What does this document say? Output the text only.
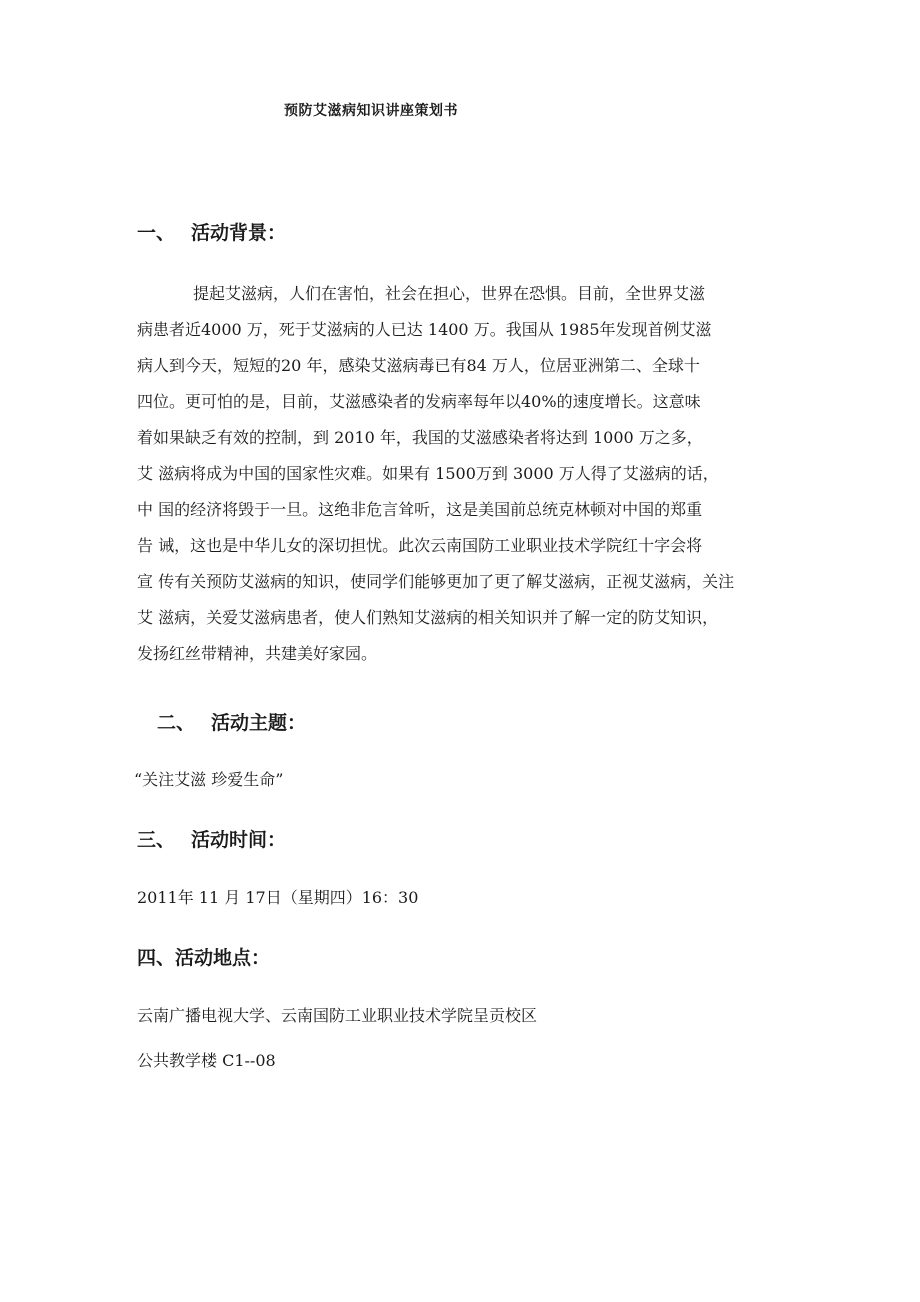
预防艾滋病知识讲座策划书
一、 活动背景：
提起艾滋病，人们在害怕，社会在担心，世界在恐惧。目前，全世界艾滋
病患者近4000 万，死于艾滋病的人已达 1400 万。我国从 1985年发现首例艾滋
病人到今天，短短的20 年，感染艾滋病毒已有84 万人，位居亚洲第二、全球十
四位。更可怕的是，目前，艾滋感染者的发病率每年以40%的速度增长。这意味
着如果缺乏有效的控制，到 2010 年，我国的艾滋感染者将达到 1000 万之多，
艾 滋病将成为中国的国家性灾难。如果有 1500万到 3000 万人得了艾滋病的话，
中 国的经济将毁于一旦。这绝非危言耸听，这是美国前总统克林顿对中国的郑重
告 诫，这也是中华儿女的深切担忧。此次云南国防工业职业技术学院红十字会将
宣 传有关预防艾滋病的知识，使同学们能够更加了更了解艾滋病，正视艾滋病，关注
艾 滋病，关爱艾滋病患者，使人们熟知艾滋病的相关知识并了解一定的防艾知识，
发扬红丝带精神，共建美好家园。
二、 活动主题：
“关注艾滋 珍爱生命”
三、 活动时间：
2011年 11 月 17日（星期四）16：30
四、活动地点：
云南广播电视大学、云南国防工业职业技术学院呈贡校区
公共教学楼 C1--08
